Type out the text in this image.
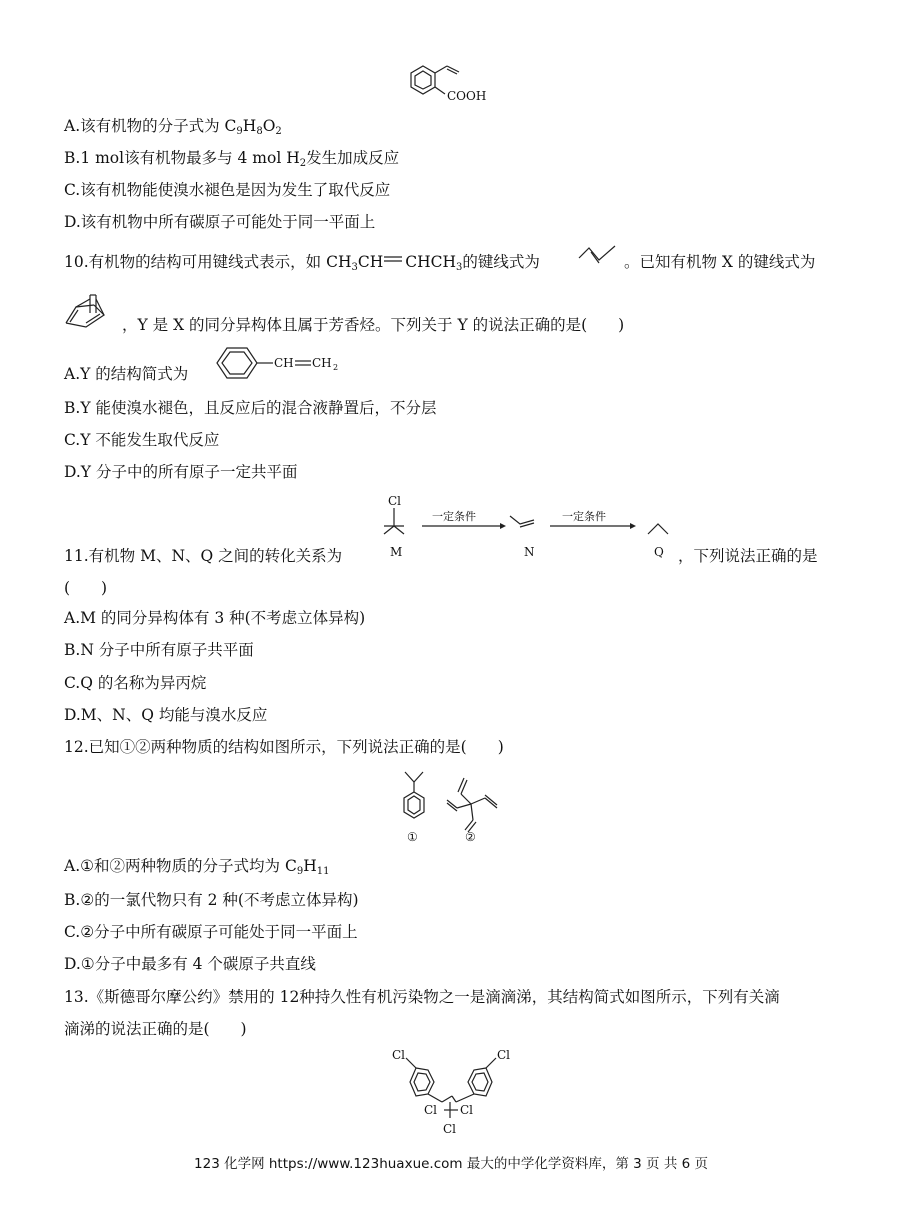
COOH
A.该有机物的分子式为 $C_9H_8O_2$
B.1 mol该有机物最多与 4 mol $H_2$发生加成反应
C.该有机物能使溴水褪色是因为发生了取代反应
D.该有机物中所有碳原子可能处于同一平面上
10.有机物的结构可用键线式表示，如 $CH_3CH$ $CHCH_3$的键线式为	。已知有机物 X 的键线式为
，Y 是 X 的同分异构体且属于芳香烃。下列关于 Y 的说法正确的是(　　)
A.Y 的结构简式为
CH CH 2
B.Y 能使溴水褪色，且反应后的混合液静置后，不分层
C.Y 不能发生取代反应
D.Y 分子中的所有原子一定共平面
Cl
M
一定条件
N
一定条件
Q
11.有机物 M、N、Q 之间的转化关系为	，下列说法正确的是
(　　)
A.M 的同分异构体有 3 种(不考虑立体异构)
B.N 分子中所有原子共平面
C.Q 的名称为异丙烷
D.M、N、Q 均能与溴水反应
12.已知①②两种物质的结构如图所示，下列说法正确的是(　　)
①	②
A.①和②两种物质的分子式均为 $C_9H_{11}$
B.②的一氯代物只有 2 种(不考虑立体异构)
C.②分子中所有碳原子可能处于同一平面上
D.①分子中最多有 4 个碳原子共直线
13.《斯德哥尔摩公约》禁用的 12种持久性有机污染物之一是滴滴涕，其结构简式如图所示，下列有关滴
滴涕的说法正确的是(　　)
Cl	Cl
Cl Cl
Cl
123 化学网 https://www.123huaxue.com 最大的中学化学资料库，第 3 页 共 6 页
